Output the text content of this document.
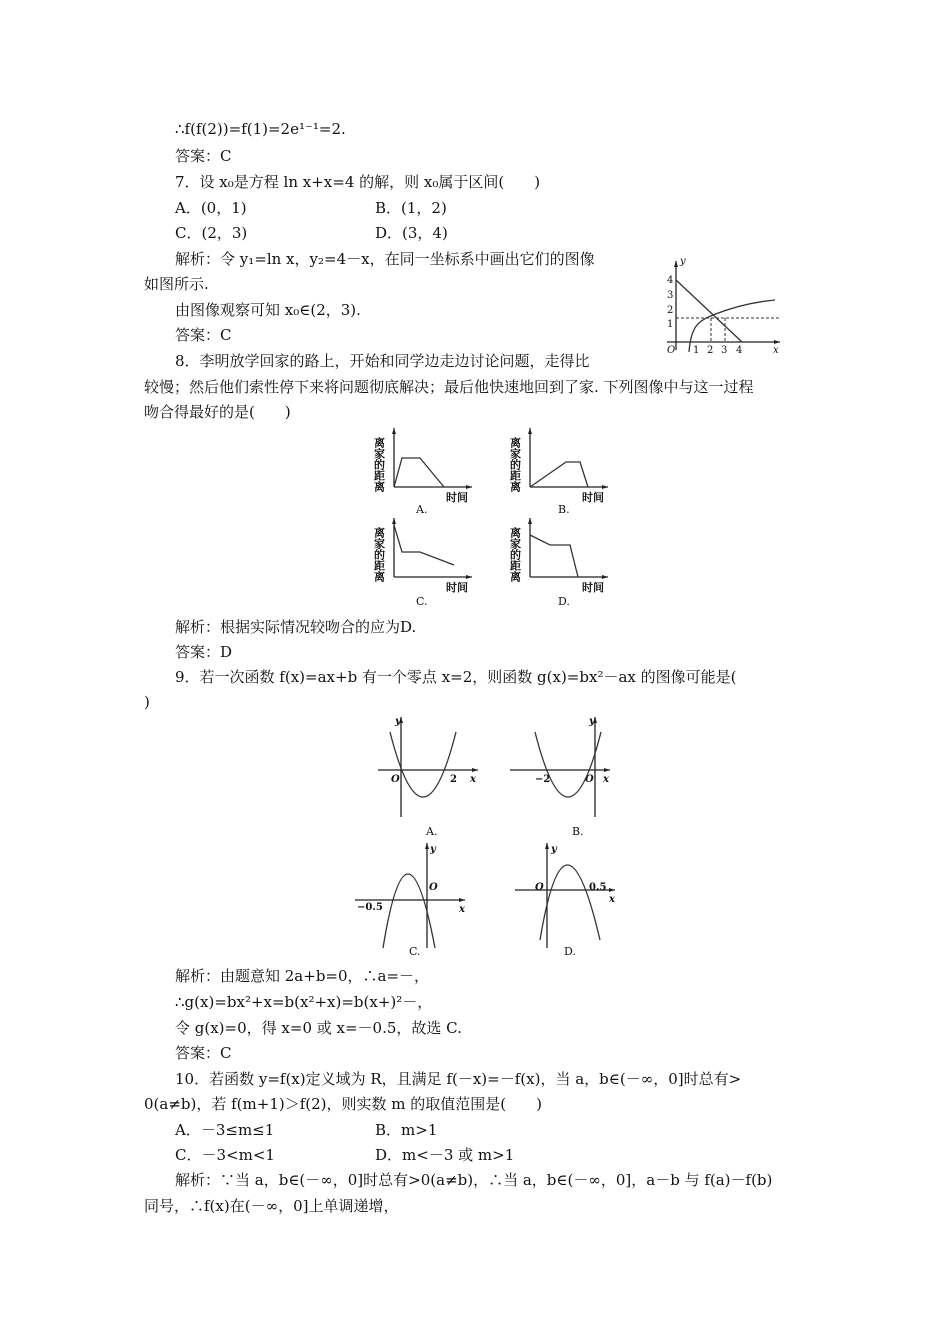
∴f(f(2))=f(1)=2e¹⁻¹=2.
答案：C
7．设 x₀是方程 ln x+x=4 的解，则 x₀属于区间(　　)
A．(0，1)	B．(1，2)
C．(2，3)	D．(3，4)
解析：令 y₁=ln x，y₂=4－x，在同一坐标系中画出它们的图像
如图所示.
由图像观察可知 x₀∈(2，3).
答案：C
y
x
O
4
3
2
1
1 2 3 4
8．李明放学回家的路上，开始和同学边走边讨论问题，走得比
较慢；然后他们索性停下来将问题彻底解决；最后他快速地回到了家. 下列图像中与这一过程
吻合得最好的是(　　)
离家的距离
时间
A.
离家的距离
时间
B.
离家的距离
时间
C.
离家的距离
时间
D.
解析：根据实际情况较吻合的应为D.
答案：D
9．若一次函数 f(x)=ax+b 有一个零点 x=2，则函数 g(x)=bx²－ax 的图像可能是(
)
y
x
O	2
A.
y
x
O
−2
B.
y
x
O
−0.5
C.
y
x
O	0.5
D.
解析：由题意知 2a+b=0，∴a=－，
∴g(x)=bx²+x=b(x²+x)=b(x+)²－，
令 g(x)=0，得 x=0 或 x=－0.5，故选 C.
答案：C
10．若函数 y=f(x)定义域为 R，且满足 f(－x)=－f(x)，当 a，b∈(－∞，0]时总有>
0(a≠b)，若 f(m+1)＞f(2)，则实数 m 的取值范围是(　　)
A．－3≤m≤1	B．m>1
C．－3<m<1	D．m<－3 或 m>1
解析：∵当 a，b∈(－∞，0]时总有>0(a≠b)，∴当 a，b∈(－∞，0]，a－b 与 f(a)－f(b)
同号，∴f(x)在(－∞，0]上单调递增，
